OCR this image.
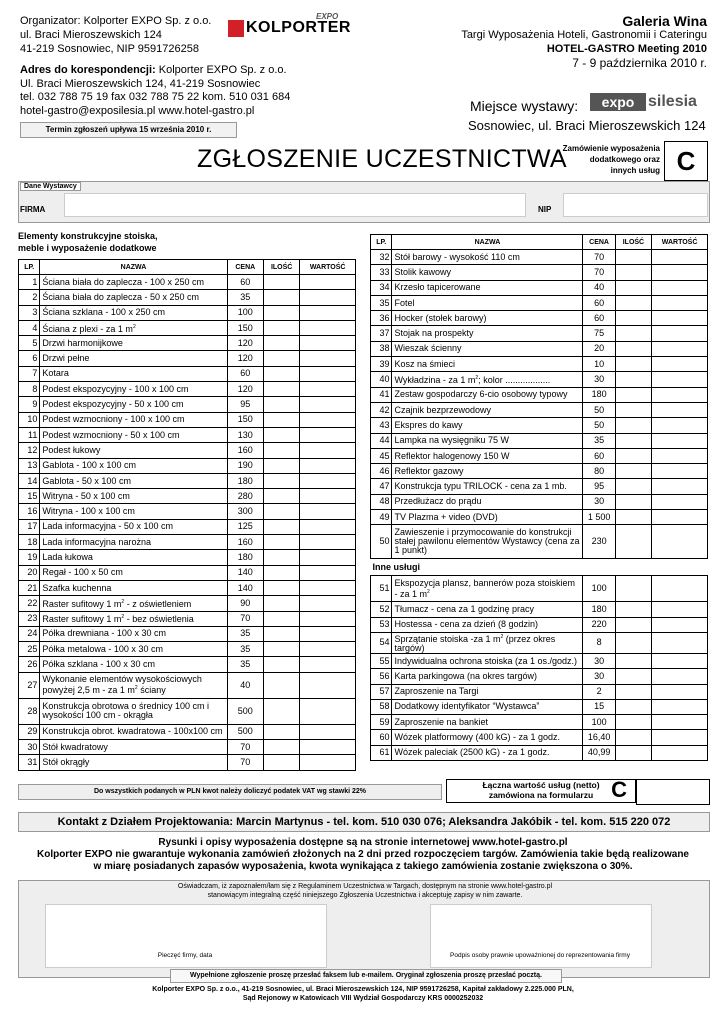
Organizator: Kolporter EXPO Sp. z o.o.
ul. Braci Mieroszewskich 124
41-219 Sosnowiec, NIP 9591726258
KOLPORTER
EXPO
Adres do korespondencji: Kolporter EXPO Sp. z o.o.
Ul. Braci Mieroszewskich 124, 41-219 Sosnowiec
tel. 032 788 75 19 fax 032 788 75 22 kom. 510 031 684
hotel-gastro@exposilesia.pl www.hotel-gastro.pl
Termin zgłoszeń upływa 15 września 2010 r.
Galeria Wina
Targi Wyposażenia Hoteli, Gastronomii i Cateringu
HOTEL-GASTRO Meeting 2010
7 - 9 października 2010 r.
Miejsce wystawy:	expo silesia
Sosnowiec, ul. Braci Mieroszewskich 124
ZGŁOSZENIE UCZESTNICTWA
Zamówienie wyposażenia
dodatkowego oraz
innych usług C
Dane Wystawcy
FIRMA	NIP
Elementy konstrukcyjne stoiska,
meble i wyposażenie dodatkowe
LP.	NAZWA	CENA	ILOŚĆ	WARTOŚĆ
1	Ściana biała do zaplecza - 100 x 250 cm	60		
2	Ściana biała do zaplecza - 50 x 250 cm	35		
3	Ściana szklana - 100 x 250 cm	100		
4	Ściana z plexi - za 1 $m^2$	150		
5	Drzwi harmonijkowe	120		
6	Drzwi pełne	120		
7	Kotara	60		
8	Podest ekspozycyjny - 100 x 100 cm	120		
9	Podest ekspozycyjny - 50 x 100 cm	95		
10	Podest wzmocniony - 100 x 100 cm	150		
11	Podest wzmocniony - 50 x 100 cm	130		
12	Podest łukowy	160		
13	Gablota - 100 x 100 cm	190		
14	Gablota - 50 x 100 cm	180		
15	Witryna - 50 x 100 cm	280		
16	Witryna - 100 x 100 cm	300		
17	Lada informacyjna - 50 x 100 cm	125		
18	Lada informacyjna narożna	160		
19	Lada łukowa	180		
20	Regał - 100 x 50 cm	140		
21	Szafka kuchenna	140		
22	Raster sufitowy 1 $m^2$ - z oświetleniem	90		
23	Raster sufitowy 1 $m^2$ - bez oświetlenia	70		
24	Półka drewniana - 100 x 30 cm	35		
25	Półka metalowa - 100 x 30 cm	35		
26	Półka szklana - 100 x 30 cm	35		
27	Wykonanie elementów wysokościowych powyżej 2,5 m - za 1 $m^2$ ściany	40		
28	Konstrukcja obrotowa o średnicy 100 cm i wysokości 100 cm - okrągła	500		
29	Konstrukcja obrot. kwadratowa - 100x100 cm	500		
30	Stół kwadratowy	70		
31	Stół okrągły	70		
LP.	NAZWA	CENA	ILOŚĆ	WARTOŚĆ
32	Stół barowy - wysokość 110 cm	70		
33	Stolik kawowy	70		
34	Krzesło tapicerowane	40		
35	Fotel	60		
36	Hocker (stołek barowy)	60		
37	Stojak na prospekty	75		
38	Wieszak ścienny	20		
39	Kosz na śmieci	10		
40	Wykładzina - za 1 $m^2$; kolor ..................	30		
41	Zestaw gospodarczy 6-cio osobowy typowy	180		
42	Czajnik bezprzewodowy	50		
43	Ekspres do kawy	50		
44	Lampka na wysięgniku 75 W	35		
45	Reflektor halogenowy 150 W	60		
46	Reflektor gazowy	80		
47	Konstrukcja typu TRILOCK - cena za 1 mb.	95		
48	Przedłużacz do prądu	30		
49	TV Plazma + video (DVD)	1 500		
50	Zawieszenie i przymocowanie do konstrukcji stałej pawilonu elementów Wystawcy (cena za 1 punkt)	230		
Inne usługi				
51	Ekspozycja plansz, bannerów poza stoiskiem - za 1 $m^2$	100		
52	Tłumacz - cena za 1 godzinę pracy	180		
53	Hostessa - cena za dzień (8 godzin)	220		
54	Sprzątanie stoiska -za 1 $m^2$ (przez okres targów)	8		
55	Indywidualna ochrona stoiska (za 1 os./godz.)	30		
56	Karta parkingowa (na okres targów)	30		
57	Zaproszenie na Targi	2		
58	Dodatkowy identyfikator “Wystawca”	15		
59	Zaproszenie na bankiet	100		
60	Wózek platformowy (400 kG) - za 1 godz.	16,40		
61	Wózek paleciak (2500 kG) - za 1 godz.	40,99		
Do wszystkich podanych w PLN kwot należy doliczyć podatek VAT wg stawki 22%
Łączna wartość usług (netto)
zamówiona na formularzu C
Kontakt z Działem Projektowania: Marcin Martynus - tel. kom. 510 030 076; Aleksandra Jakóbik - tel. kom. 515 220 072
Rysunki i opisy wyposażenia dostępne są na stronie internetowej www.hotel-gastro.pl
Kolporter EXPO nie gwarantuje wykonania zamówień złożonych na 2 dni przed rozpoczęciem targów. Zamówienia takie będą realizowane
w miarę posiadanych zapasów wyposażenia, kwota wynikająca z takiego zamówienia zostanie zwiększona o 30%.
Oświadczam, iż zapoznałem/łam się z Regulaminem Uczestnictwa w Targach, dostępnym na stronie www.hotel-gastro.pl
stanowiącym integralną część niniejszego Zgłoszenia Uczestnictwa i akceptuję zapisy w nim zawarte.
Pieczęć firmy, data	Podpis osoby prawnie upoważnionej do reprezentowania firmy
Wypełnione zgłoszenie proszę przesłać faksem lub e-mailem. Oryginał zgłoszenia proszę przesłać pocztą.
Kolporter EXPO Sp. z o.o., 41-219 Sosnowiec, ul. Braci Mieroszewskich 124, NIP 9591726258, Kapitał zakładowy 2.225.000 PLN,
Sąd Rejonowy w Katowicach VIII Wydział Gospodarczy KRS 0000252032
